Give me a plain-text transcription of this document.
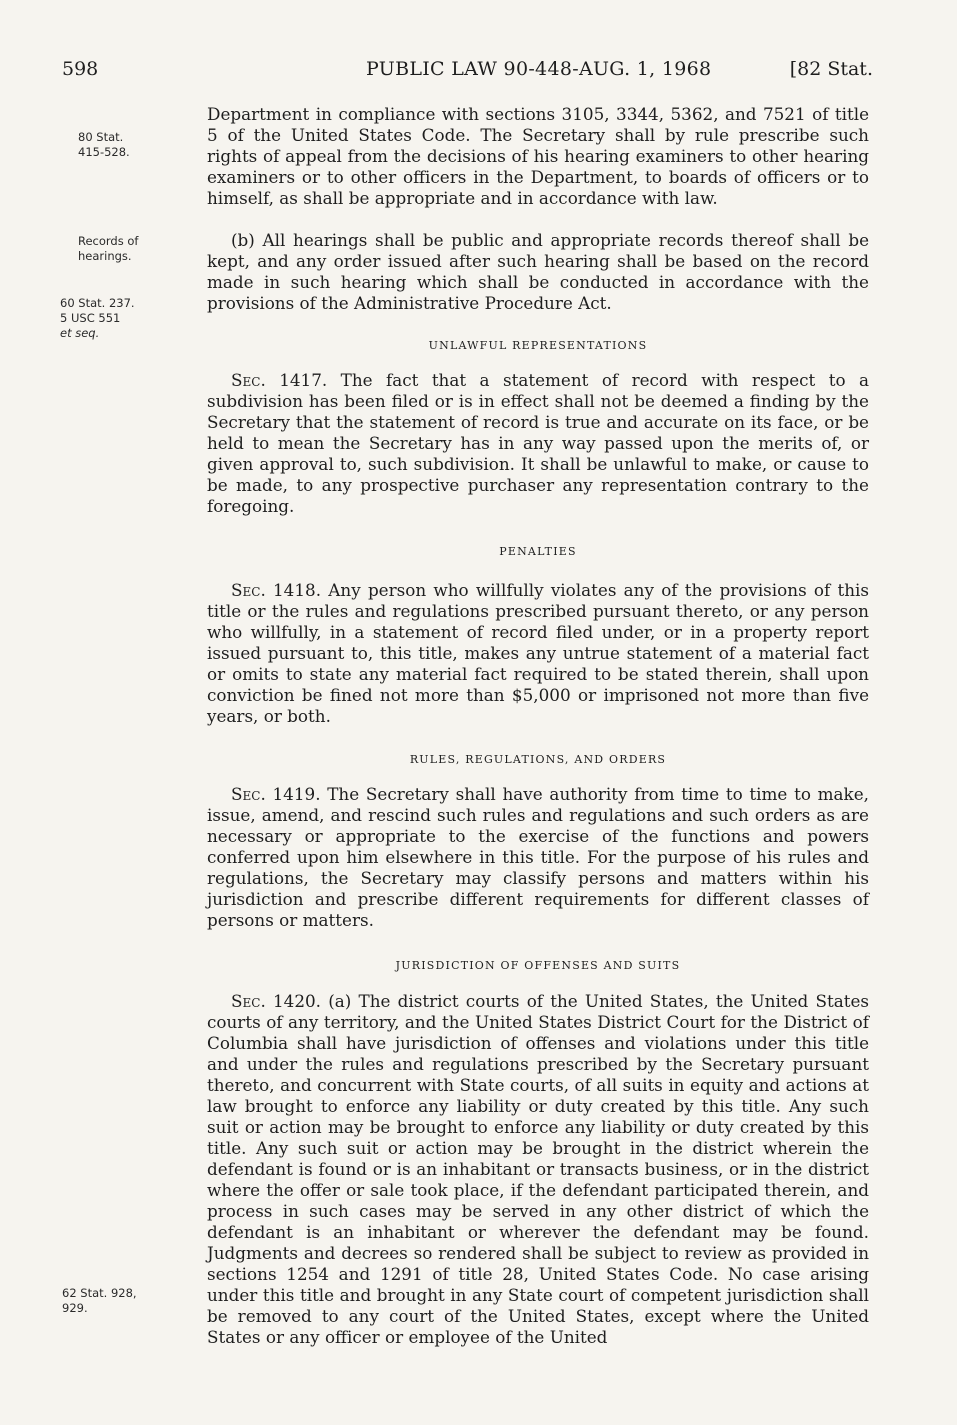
598	PUBLIC LAW 90-448-AUG. 1, 1968	[82 Stat.
80 Stat. 415-528.
Records of hearings.
60 Stat. 237.
5 USC 551
et seq.
62 Stat. 928, 929.

Department in compliance with sections 3105, 3344, 5362, and 7521 of title 5 of the United States Code. The Secretary shall by rule prescribe such rights of appeal from the decisions of his hearing examiners to other hearing examiners or to other officers in the Department, to boards of officers or to himself, as shall be appropriate and in accordance with law.

(b) All hearings shall be public and appropriate records thereof shall be kept, and any order issued after such hearing shall be based on the record made in such hearing which shall be conducted in accordance with the provisions of the Administrative Procedure Act.

UNLAWFUL REPRESENTATIONS

Sec. 1417. The fact that a statement of record with respect to a subdivision has been filed or is in effect shall not be deemed a finding by the Secretary that the statement of record is true and accurate on its face, or be held to mean the Secretary has in any way passed upon the merits of, or given approval to, such subdivision. It shall be unlawful to make, or cause to be made, to any prospective purchaser any representation contrary to the foregoing.

PENALTIES

Sec. 1418. Any person who willfully violates any of the provisions of this title or the rules and regulations prescribed pursuant thereto, or any person who willfully, in a statement of record filed under, or in a property report issued pursuant to, this title, makes any untrue statement of a material fact or omits to state any material fact required to be stated therein, shall upon conviction be fined not more than $5,000 or imprisoned not more than five years, or both.

RULES, REGULATIONS, AND ORDERS

Sec. 1419. The Secretary shall have authority from time to time to make, issue, amend, and rescind such rules and regulations and such orders as are necessary or appropriate to the exercise of the functions and powers conferred upon him elsewhere in this title. For the purpose of his rules and regulations, the Secretary may classify persons and matters within his jurisdiction and prescribe different requirements for different classes of persons or matters.

JURISDICTION OF OFFENSES AND SUITS

Sec. 1420. (a) The district courts of the United States, the United States courts of any territory, and the United States District Court for the District of Columbia shall have jurisdiction of offenses and violations under this title and under the rules and regulations prescribed by the Secretary pursuant thereto, and concurrent with State courts, of all suits in equity and actions at law brought to enforce any liability or duty created by this title. Any such suit or action may be brought to enforce any liability or duty created by this title. Any such suit or action may be brought in the district wherein the defendant is found or is an inhabitant or transacts business, or in the district where the offer or sale took place, if the defendant participated therein, and process in such cases may be served in any other district of which the defendant is an inhabitant or wherever the defendant may be found. Judgments and decrees so rendered shall be subject to review as provided in sections 1254 and 1291 of title 28, United States Code. No case arising under this title and brought in any State court of competent jurisdiction shall be removed to any court of the United States, except where the United States or any officer or employee of the United
